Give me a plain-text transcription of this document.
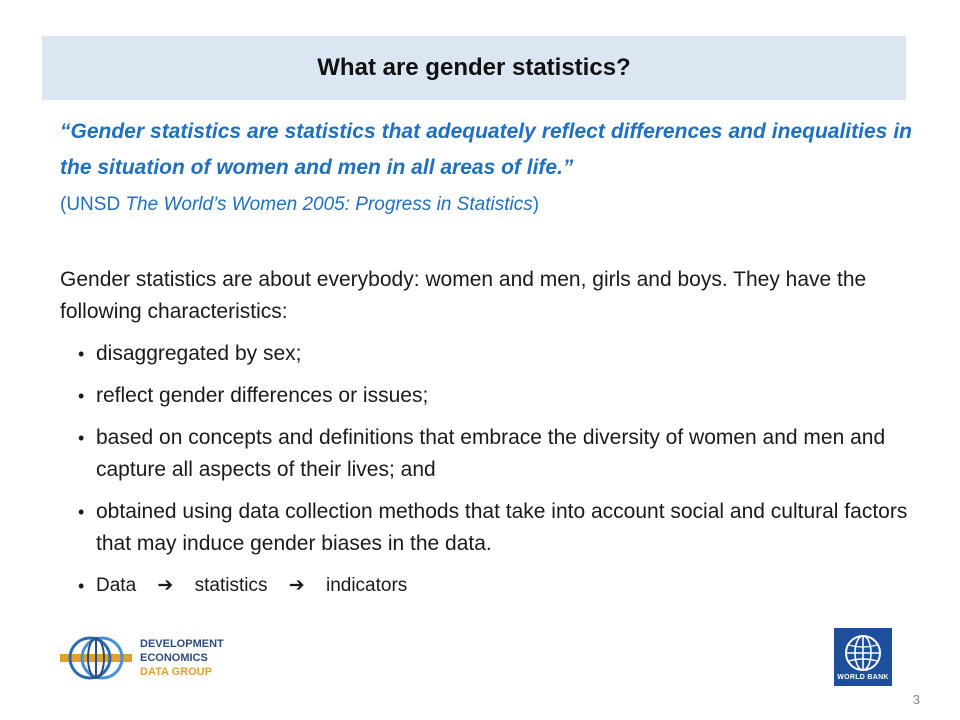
What are gender statistics?

“Gender statistics are statistics that adequately reflect differences and inequalities in the situation of women and men in all areas of life.”

(UNSD The World’s Women 2005: Progress in Statistics)

Gender statistics are about everybody: women and men, girls and boys. They have the following characteristics:

• disaggregated by sex;
• reflect gender differences or issues;
• based on concepts and definitions that embrace the diversity of women and men and capture all aspects of their lives; and
• obtained using data collection methods that take into account social and cultural factors that may induce gender biases in the data.
• Data ➔ statistics ➔ indicators
DEVELOPMENT ECONOMICS
DATA GROUP	WORLD BANK
3
